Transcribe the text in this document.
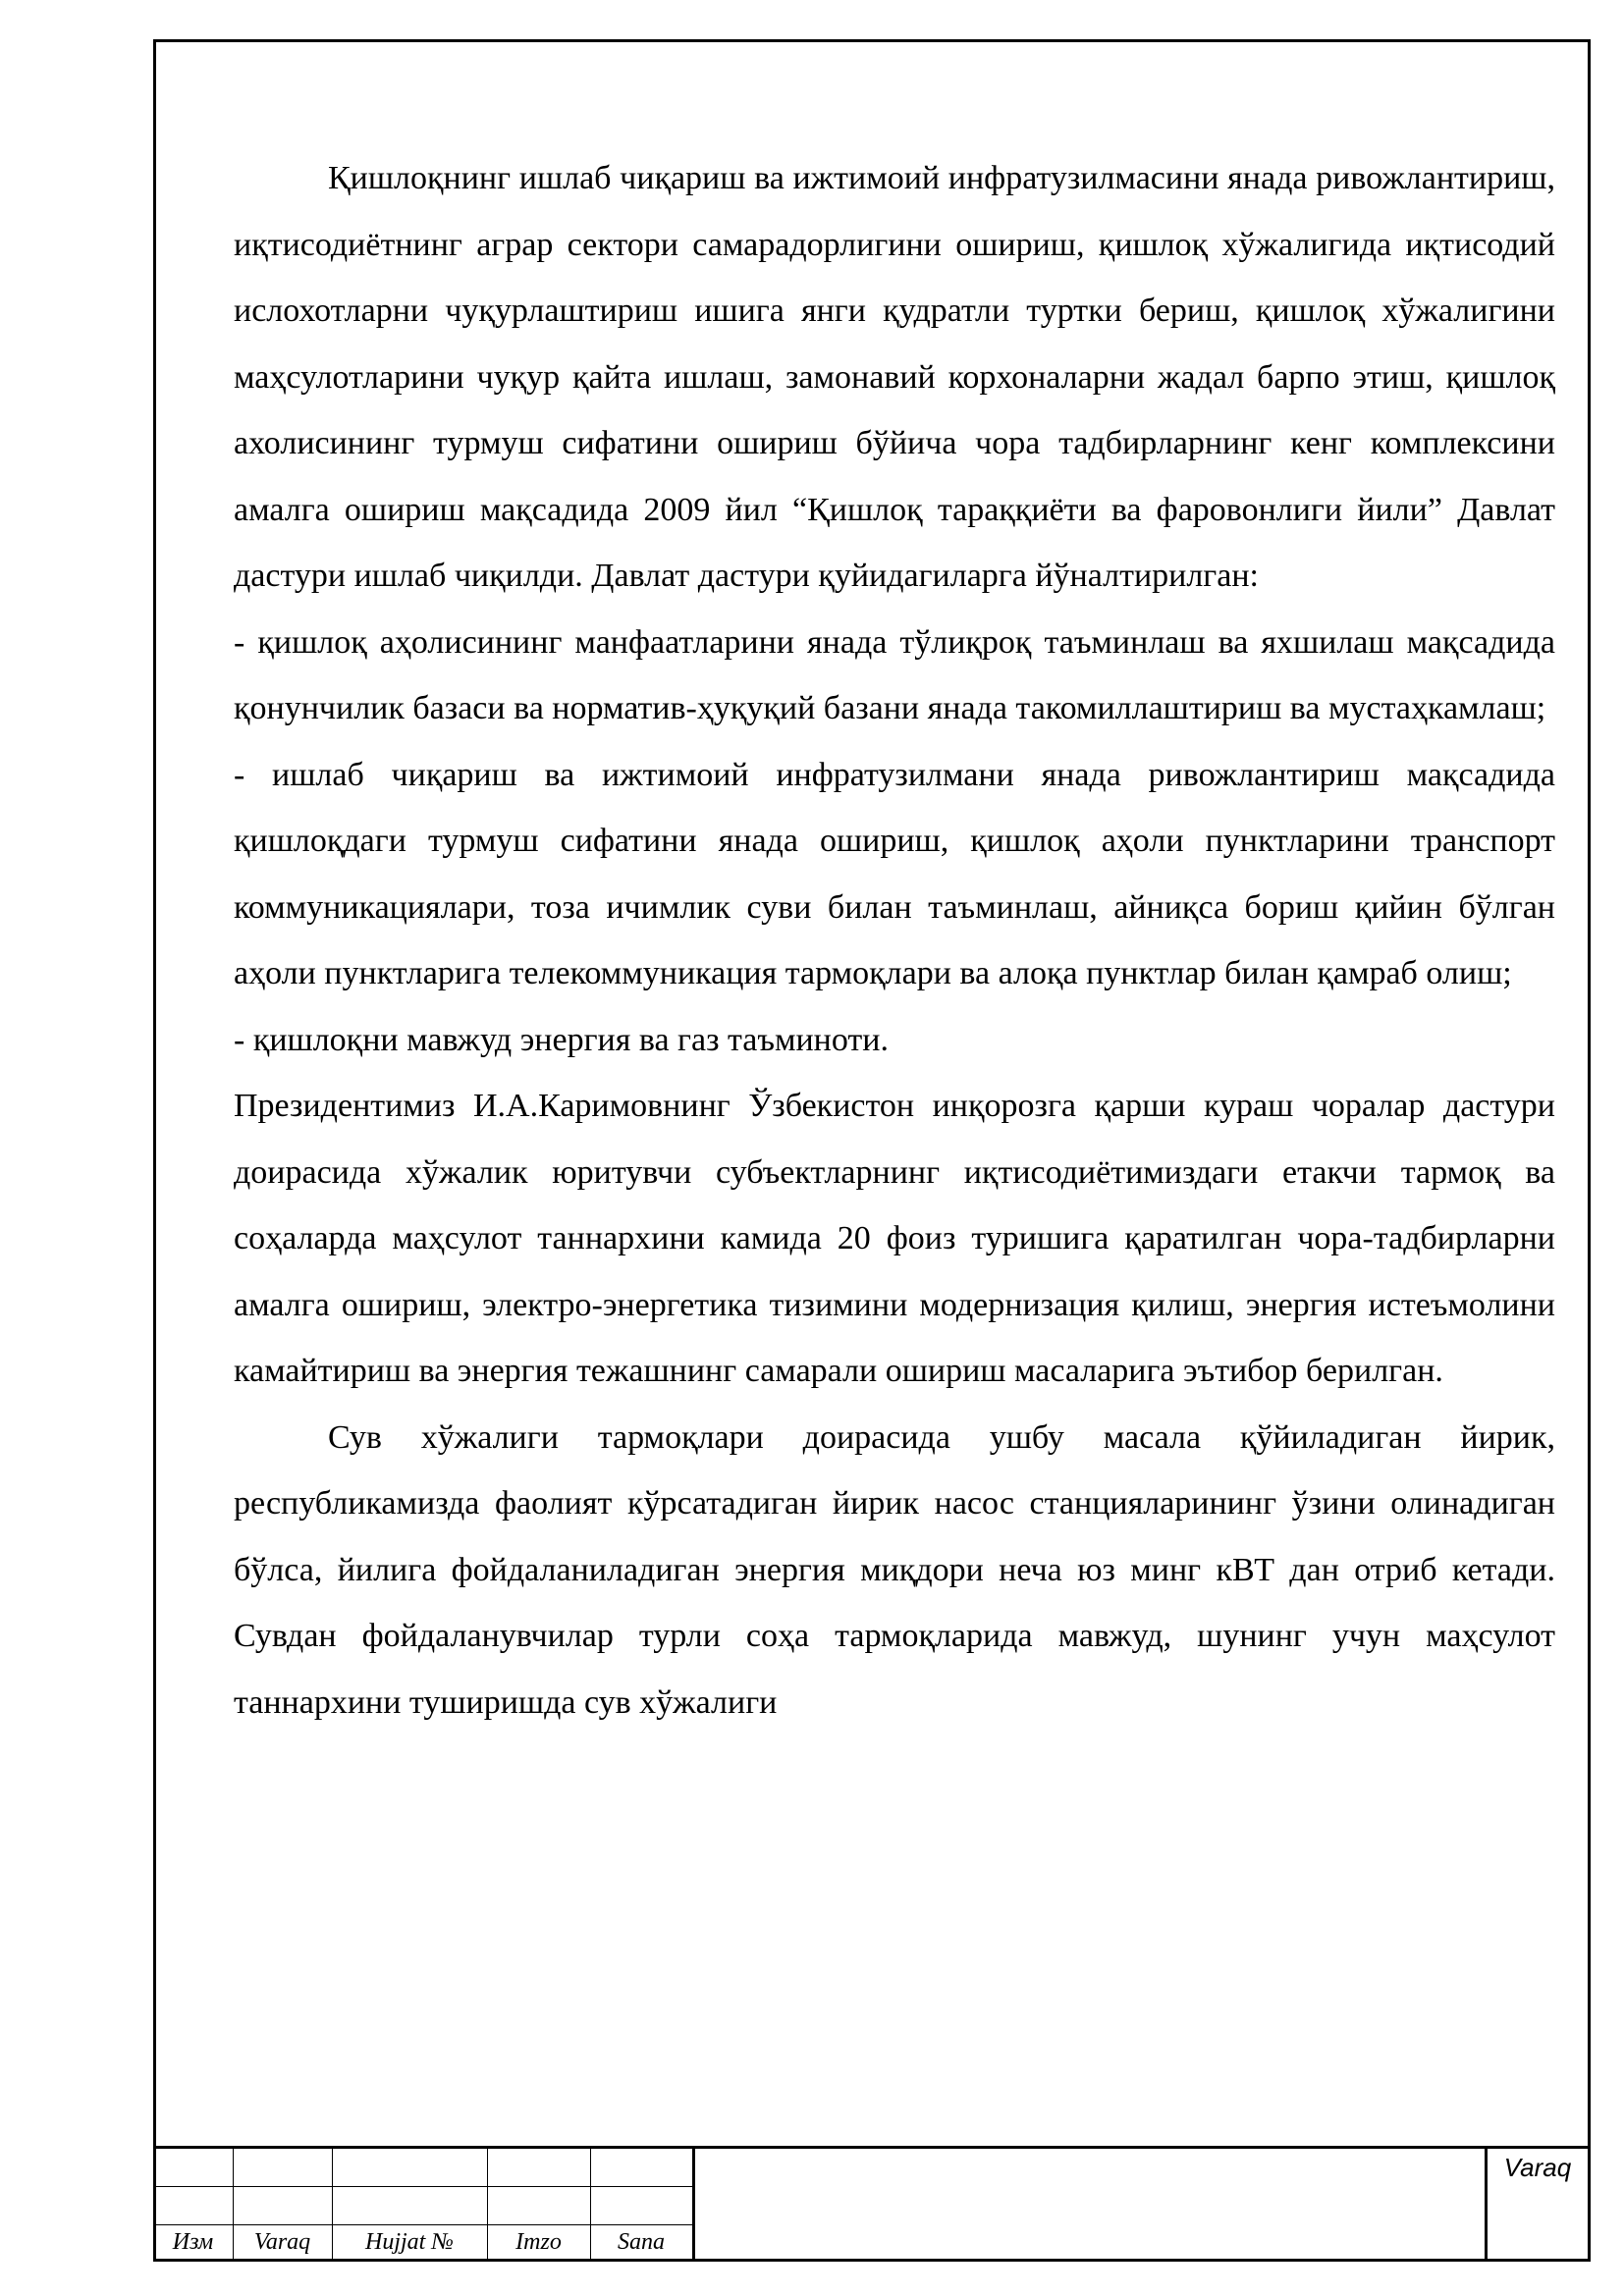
Қишлоқнинг ишлаб чиқариш ва ижтимоий инфратузилмасини янада ривожлантириш, иқтисодиётнинг аграр сектори самарадорлигини ошириш, қишлоқ хўжалигида иқтисодий ислохотларни чуқурлаштириш ишига янги қудратли туртки бериш, қишлоқ хўжалигини маҳсулотларини чуқур қайта ишлаш, замонавий корхоналарни жадал барпо этиш, қишлоқ ахолисининг турмуш сифатини ошириш бўйича чора тадбирларнинг кенг комплексини амалга ошириш мақсадида 2009 йил “Қишлоқ тараққиёти ва фаровонлиги йили” Давлат дастури ишлаб чиқилди. Давлат дастури қуйидагиларга йўналтирилган:

- қишлоқ аҳолисининг манфаатларини янада тўлиқроқ таъминлаш ва яхшилаш мақсадида қонунчилик базаси ва норматив-ҳуқуқий базани янада такомиллаштириш ва мустаҳкамлаш;

- ишлаб чиқариш ва ижтимоий инфратузилмани янада ривожлантириш мақсадида қишлоқдаги турмуш сифатини янада ошириш, қишлоқ аҳоли пунктларини транспорт коммуникациялари, тоза ичимлик суви билан таъминлаш, айниқса бориш қийин бўлган аҳоли пунктларига телекоммуникация тармоқлари ва алоқа пунктлар билан қамраб олиш;

- қишлоқни мавжуд энергия ва газ таъминоти.

Президентимиз И.А.Каримовнинг Ўзбекистон инқорозга қарши кураш чоралар дастури доирасида хўжалик юритувчи субъектларнинг иқтисодиётимиздаги етакчи тармоқ ва соҳаларда маҳсулот таннархини камида 20 фоиз туришига қаратилган чора-тадбирларни амалга ошириш, электро-энергетика тизимини модернизация қилиш, энергия истеъмолини камайтириш ва энергия тежашнинг самарали ошириш масаларига эътибор берилган.

Сув хўжалиги тармоқлари доирасида ушбу масала қўйиладиган йирик, республикамизда фаолият кўрсатадиган йирик насос станцияларининг ўзини олинадиган бўлса, йилига фойдаланиладиган энергия миқдори неча юз минг кВТ дан отриб кетади. Сувдан фойдаланувчилар турли соҳа тармоқларида мавжуд, шунинг учун маҳсулот таннархини туширишда сув хўжалиги

Изм	Varaq	Hujjat №	Imzo	Sana
Varaq
